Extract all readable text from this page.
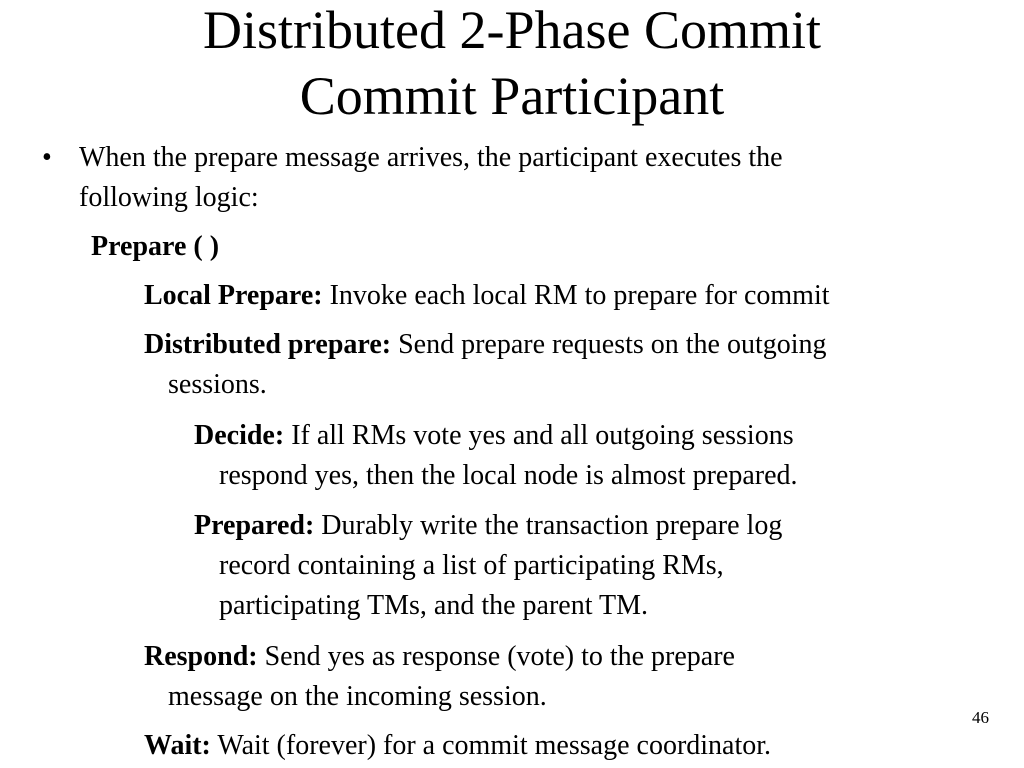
Distributed 2-Phase Commit
Commit Participant
• When the prepare message arrives, the participant executes the
following logic:
Prepare ( )
Local Prepare: Invoke each local RM to prepare for commit
Distributed prepare: Send prepare requests on the outgoing
sessions.
Decide: If all RMs vote yes and all outgoing sessions
respond yes, then the local node is almost prepared.
Prepared: Durably write the transaction prepare log
record containing a list of participating RMs,
participating TMs, and the parent TM.
Respond: Send yes as response (vote) to the prepare
message on the incoming session.
Wait: Wait (forever) for a commit message coordinator.
46
